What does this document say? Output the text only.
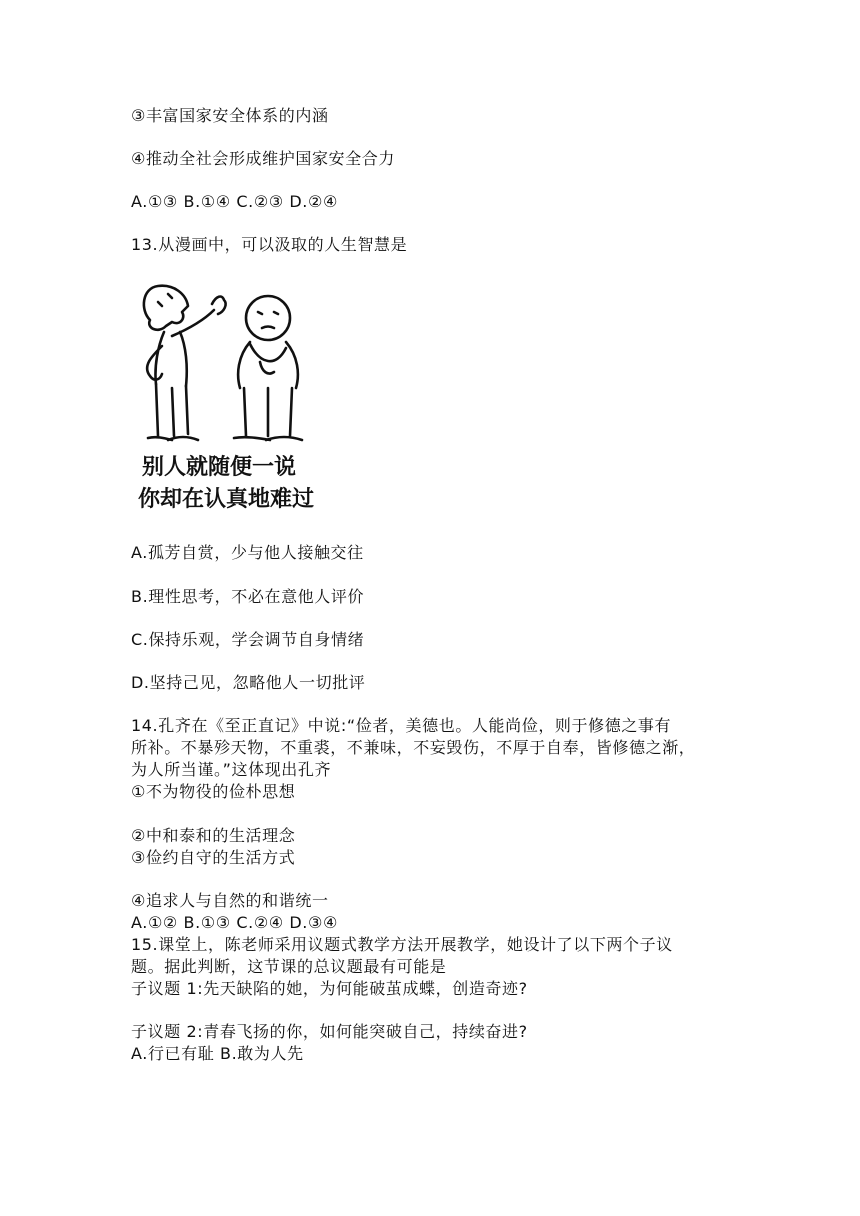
③丰富国家安全体系的内涵
④推动全社会形成维护国家安全合力
A.①③ B.①④ C.②③ D.②④
13.从漫画中，可以汲取的人生智慧是
别人就随便一说
你却在认真地难过
A.孤芳自赏，少与他人接触交往
B.理性思考，不必在意他人评价
C.保持乐观，学会调节自身情绪
D.坚持己见，忽略他人一切批评
14.孔齐在《至正直记》中说:“俭者，美德也。人能尚俭，则于修德之事有
所补。不暴殄天物，不重裘，不兼味，不妄毁伤，不厚于自奉，皆修德之渐，
为人所当谨。”这体现出孔齐
①不为物役的俭朴思想
②中和泰和的生活理念
③俭约自守的生活方式
④追求人与自然的和谐统一
A.①② B.①③ C.②④ D.③④
15.课堂上，陈老师采用议题式教学方法开展教学，她设计了以下两个子议
题。据此判断，这节课的总议题最有可能是
子议题 1:先天缺陷的她，为何能破茧成蝶，创造奇迹?
子议题 2:青春飞扬的你，如何能突破自己，持续奋进?
A.行已有耻 B.敢为人先
